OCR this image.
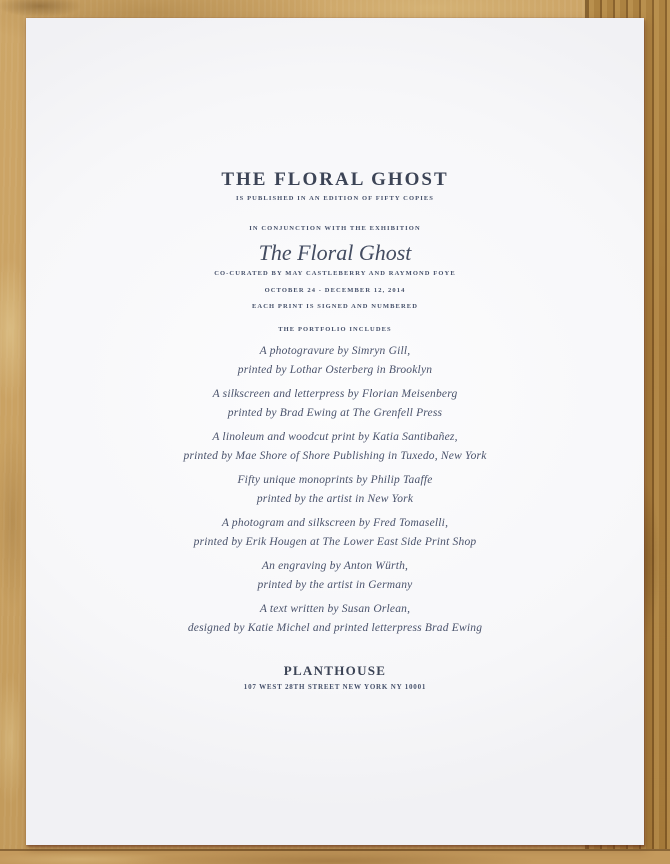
THE FLORAL GHOST
IS PUBLISHED IN AN EDITION OF FIFTY COPIES
IN CONJUNCTION WITH THE EXHIBITION
The Floral Ghost
CO-CURATED BY MAY CASTLEBERRY AND RAYMOND FOYE
OCTOBER 24 - DECEMBER 12, 2014
EACH PRINT IS SIGNED AND NUMBERED
THE PORTFOLIO INCLUDES
A photogravure by Simryn Gill,
printed by Lothar Osterberg in Brooklyn
A silkscreen and letterpress by Florian Meisenberg
printed by Brad Ewing at The Grenfell Press
A linoleum and woodcut print by Katia Santibañez,
printed by Mae Shore of Shore Publishing in Tuxedo, New York
Fifty unique monoprints by Philip Taaffe
printed by the artist in New York
A photogram and silkscreen by Fred Tomaselli,
printed by Erik Hougen at The Lower East Side Print Shop
An engraving by Anton Würth,
printed by the artist in Germany
A text written by Susan Orlean,
designed by Katie Michel and printed letterpress Brad Ewing
PLANTHOUSE
107 WEST 28TH STREET NEW YORK NY 10001
